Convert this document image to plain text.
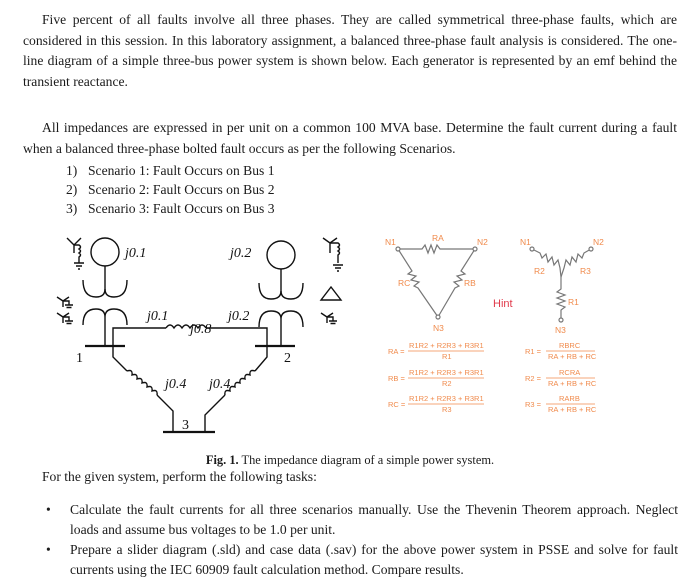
Five percent of all faults involve all three phases. They are called symmetrical three-phase faults, which are considered in this session. In this laboratory assignment, a balanced three-phase fault analysis is considered. The one-line diagram of a simple three-bus power system is shown below. Each generator is represented by an emf behind the transient reactance.
All impedances are expressed in per unit on a common 100 MVA base. Determine the fault current during a fault when a balanced three-phase bolted fault occurs as per the following Scenarios.
1) Scenario 1: Fault Occurs on Bus 1
2) Scenario 2: Fault Occurs on Bus 2
3) Scenario 3: Fault Occurs on Bus 3
j0.1	j0.2
j0.1	j0.2
j0.8
j0.4 j0.4
1	2
3
N1	N2
N3
RA
RB
RC
N1	N2
N3
R1
R2	R3
Hint
RA =
R1R2 + R2R3 + R3R1
R1
RB =
R1R2 + R2R3 + R3R1
R2
RC =
R1R2 + R2R3 + R3R1
R3
R1 =
RBRC
RA + RB + RC
R2 =
RCRA
RA + RB + RC
R3 =
RARB
RA + RB + RC
Fig. 1. The impedance diagram of a simple power system.
For the given system, perform the following tasks:
• Calculate the fault currents for all three scenarios manually. Use the Thevenin Theorem approach. Neglect loads and assume bus voltages to be 1.0 per unit.
• Prepare a slider diagram (.sld) and case data (.sav) for the above power system in PSSE and solve for fault currents using the IEC 60909 fault calculation method. Compare results.
